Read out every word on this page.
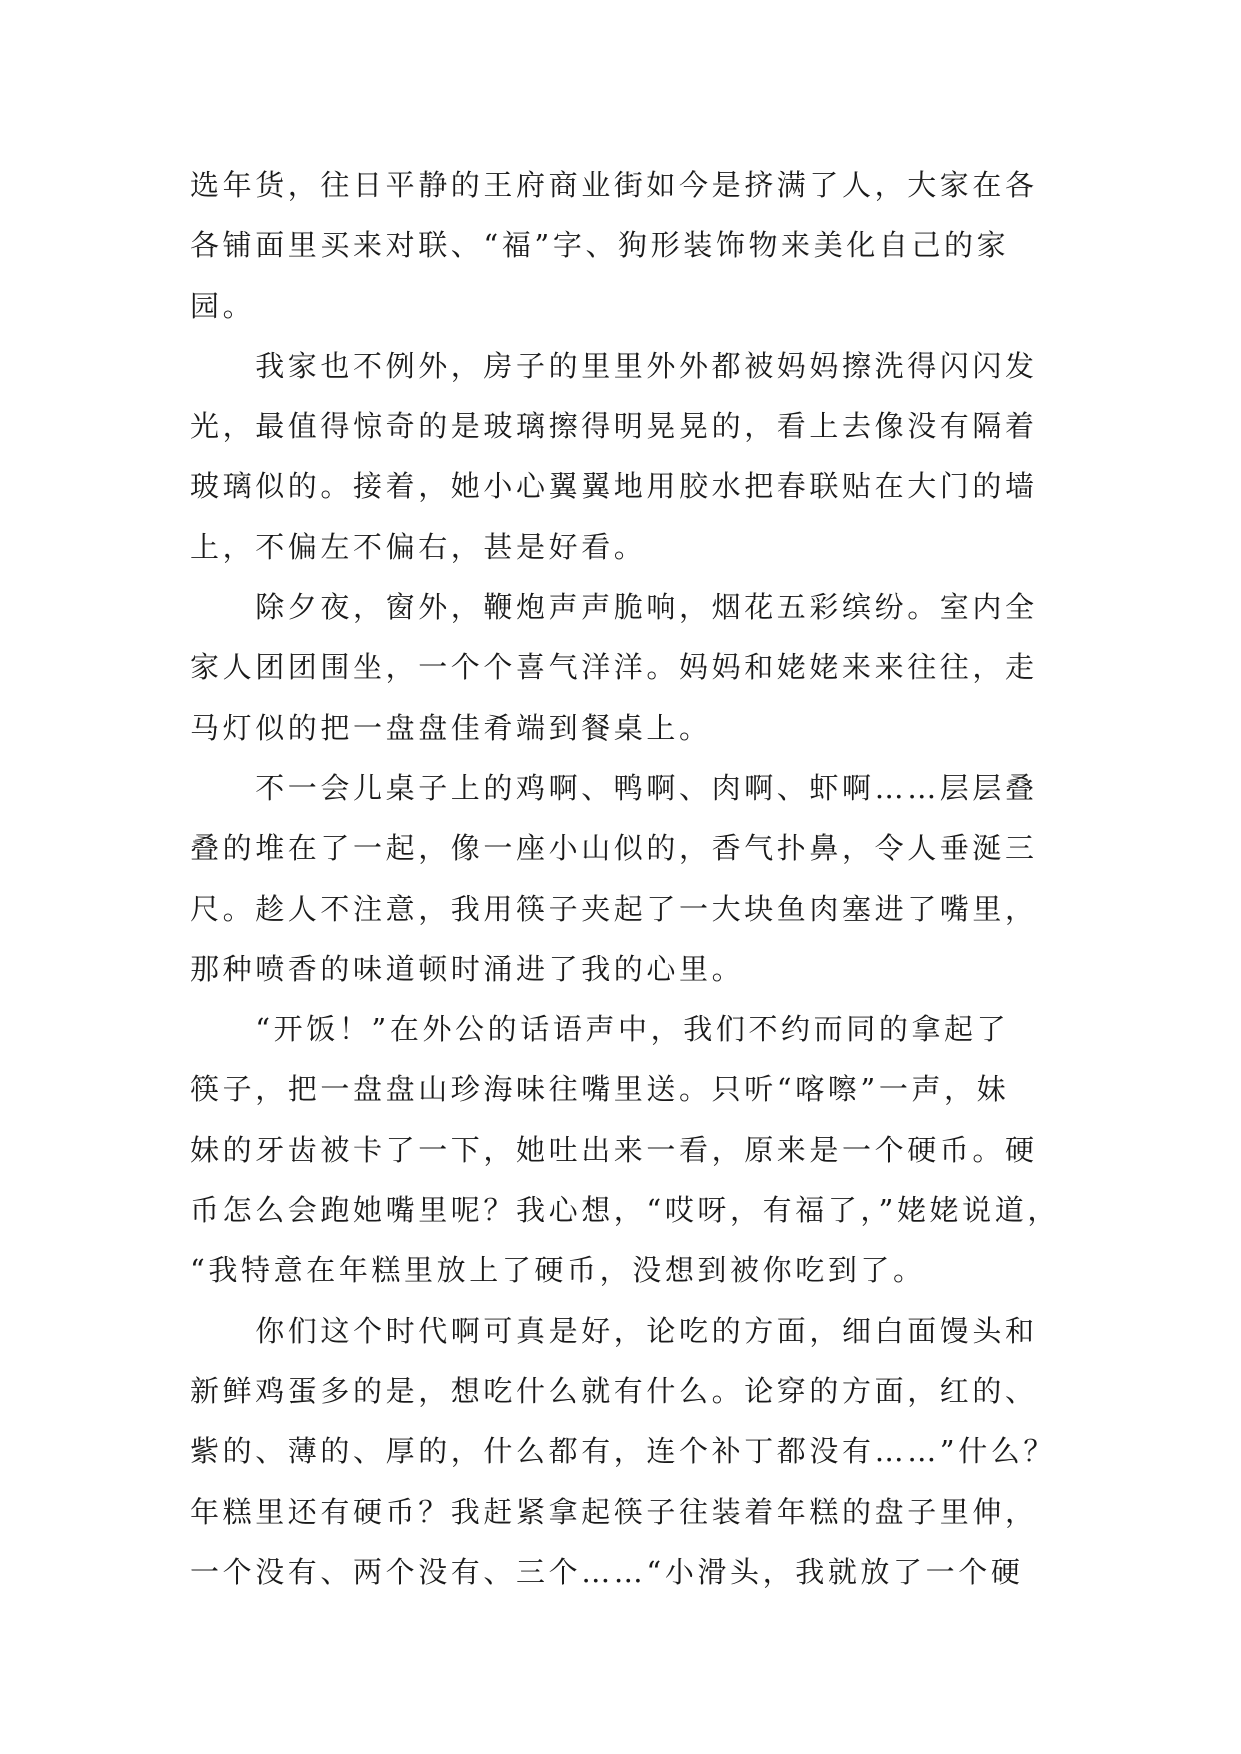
选年货，往日平静的王府商业街如今是挤满了人，大家在各
各铺面里买来对联、“福”字、狗形装饰物来美化自己的家
园。
　　我家也不例外，房子的里里外外都被妈妈擦洗得闪闪发
光，最值得惊奇的是玻璃擦得明晃晃的，看上去像没有隔着
玻璃似的。接着，她小心翼翼地用胶水把春联贴在大门的墙
上，不偏左不偏右，甚是好看。
　　除夕夜，窗外，鞭炮声声脆响，烟花五彩缤纷。室内全
家人团团围坐，一个个喜气洋洋。妈妈和姥姥来来往往，走
马灯似的把一盘盘佳肴端到餐桌上。
　　不一会儿桌子上的鸡啊、鸭啊、肉啊、虾啊……层层叠
叠的堆在了一起，像一座小山似的，香气扑鼻，令人垂涎三
尺。趁人不注意，我用筷子夹起了一大块鱼肉塞进了嘴里，
那种喷香的味道顿时涌进了我的心里。
　　“开饭！”在外公的话语声中，我们不约而同的拿起了
筷子，把一盘盘山珍海味往嘴里送。只听“喀嚓”一声，妹
妹的牙齿被卡了一下，她吐出来一看，原来是一个硬币。硬
币怎么会跑她嘴里呢？我心想，“哎呀，有福了，”姥姥说道，
“我特意在年糕里放上了硬币，没想到被你吃到了。
　　你们这个时代啊可真是好，论吃的方面，细白面馒头和
新鲜鸡蛋多的是，想吃什么就有什么。论穿的方面，红的、
紫的、薄的、厚的，什么都有，连个补丁都没有……”什么？
年糕里还有硬币？我赶紧拿起筷子往装着年糕的盘子里伸，
一个没有、两个没有、三个……“小滑头，我就放了一个硬
